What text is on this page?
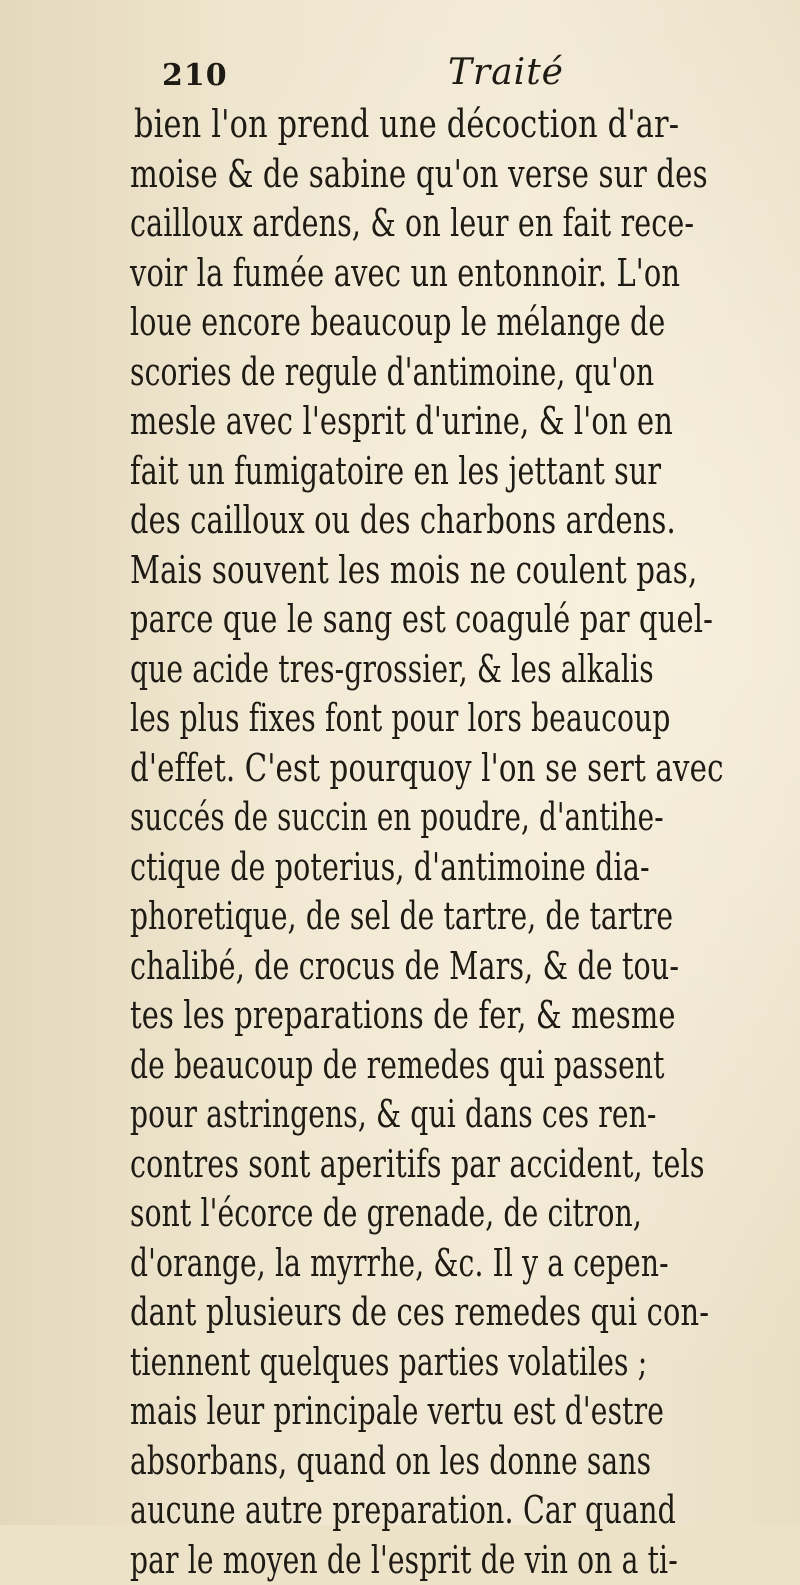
210	Traité
bien l'on prend une décoction d'ar-
moise & de sabine qu'on verse sur des
cailloux ardens, & on leur en fait rece-
voir la fumée avec un entonnoir. L'on
loue encore beaucoup le mélange de
scories de regule d'antimoine, qu'on
mesle avec l'esprit d'urine, & l'on en
fait un fumigatoire en les jettant sur
des cailloux ou des charbons ardens.
Mais souvent les mois ne coulent pas,
parce que le sang est coagulé par quel-
que acide tres-grossier, & les alkalis
les plus fixes font pour lors beaucoup
d'effet. C'est pourquoy l'on se sert avec
succés de succin en poudre, d'antihe-
ctique de poterius, d'antimoine dia-
phoretique, de sel de tartre, de tartre
chalibé, de crocus de Mars, & de tou-
tes les preparations de fer, & mesme
de beaucoup de remedes qui passent
pour astringens, & qui dans ces ren-
contres sont aperitifs par accident, tels
sont l'écorce de grenade, de citron,
d'orange, la myrrhe, &c. Il y a cepen-
dant plusieurs de ces remedes qui con-
tiennent quelques parties volatiles ;
mais leur principale vertu est d'estre
absorbans, quand on les donne sans
aucune autre preparation. Car quand
par le moyen de l'esprit de vin on a ti-
